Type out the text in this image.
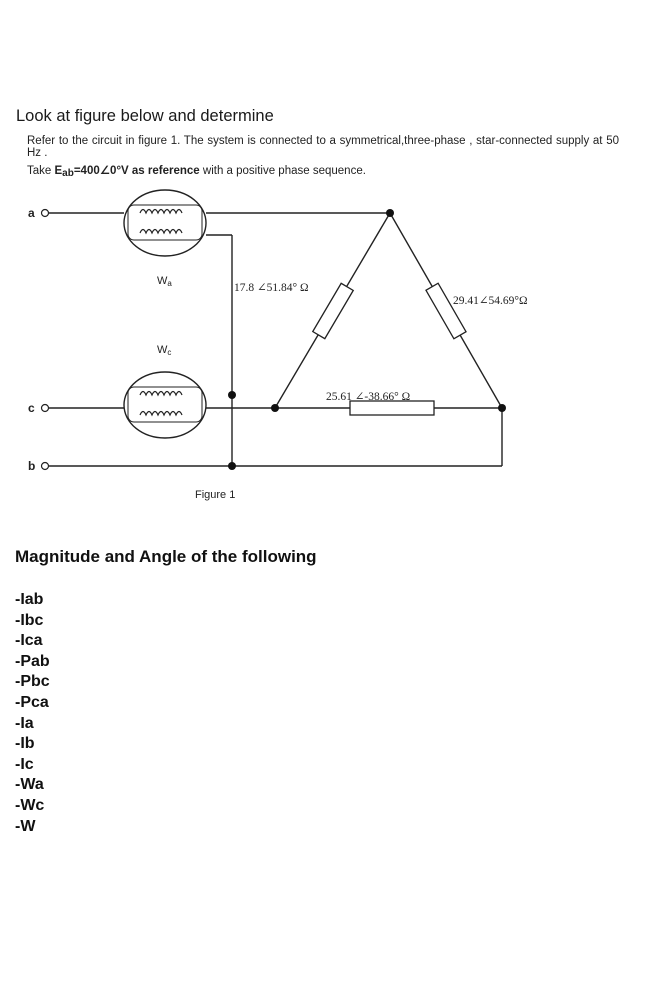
Look at figure below and determine
Refer to the circuit in figure 1. The system is connected to a symmetrical,three-phase , star-connected supply at 50 Hz .
Take $E_{ab}=400\angle 0^\circ V$ as reference with a positive phase sequence.
a
c
b
Wa
Wc
Figure 1
17.8 ∠51.84° Ω
29.41∠54.69°Ω
25.61 ∠-38.66° Ω
Magnitude and Angle of the following
-Iab
-Ibc
-Ica
-Pab
-Pbc
-Pca
-Ia
-Ib
-Ic
-Wa
-Wc
-W
